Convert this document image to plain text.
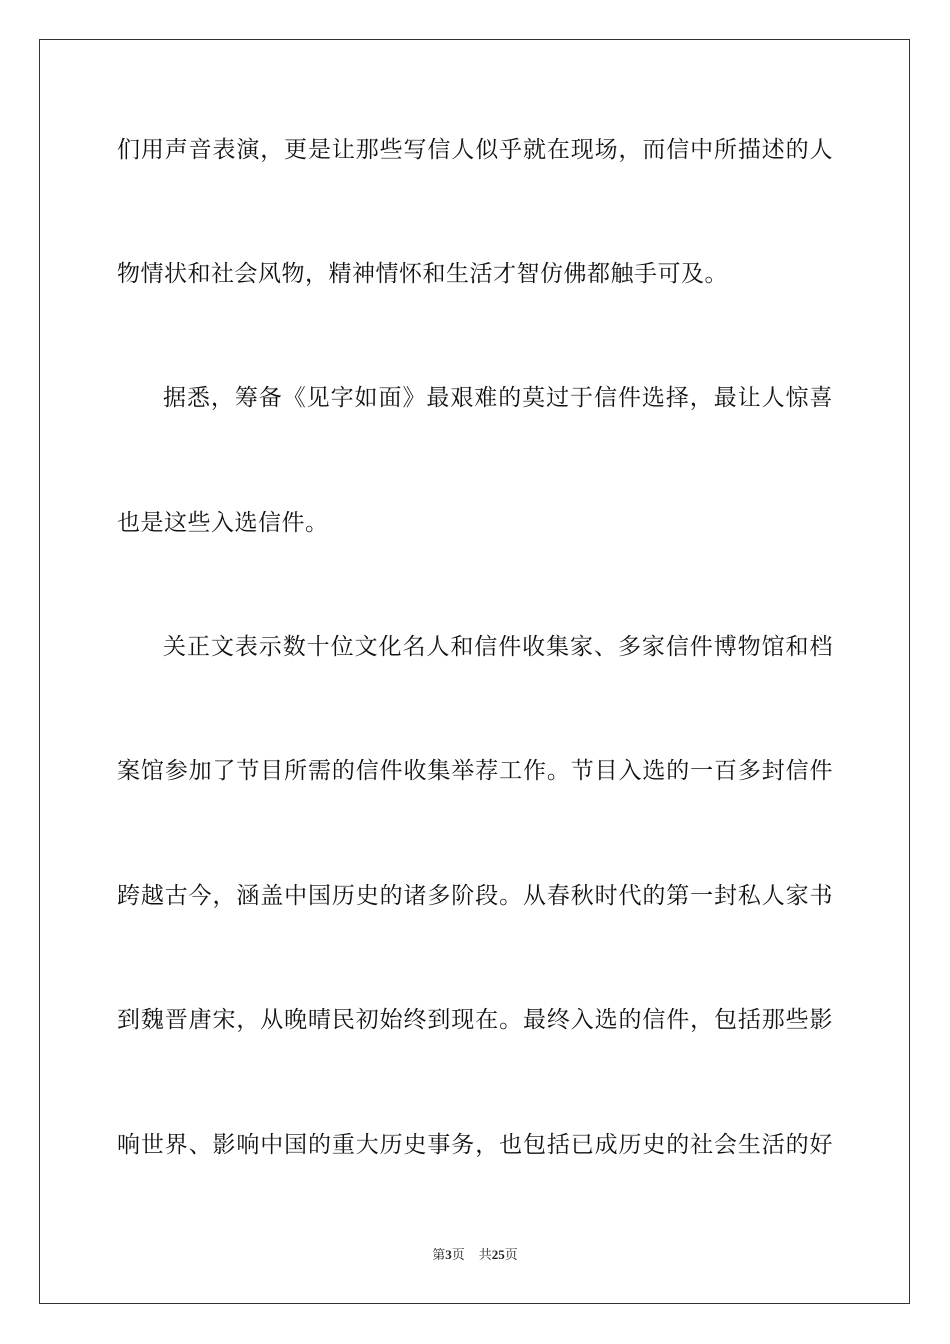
们用声音表演，更是让那些写信人似乎就在现场，而信中所描述的人
物情状和社会风物，精神情怀和生活才智仿佛都触手可及。
据悉，筹备《见字如面》最艰难的莫过于信件选择，最让人惊喜
也是这些入选信件。
关正文表示数十位文化名人和信件收集家、多家信件博物馆和档
案馆参加了节目所需的信件收集举荐工作。节目入选的一百多封信件
跨越古今，涵盖中国历史的诸多阶段。从春秋时代的第一封私人家书
到魏晋唐宋，从晚晴民初始终到现在。最终入选的信件，包括那些影
响世界、影响中国的重大历史事务，也包括已成历史的社会生活的好
第3页 共25页
